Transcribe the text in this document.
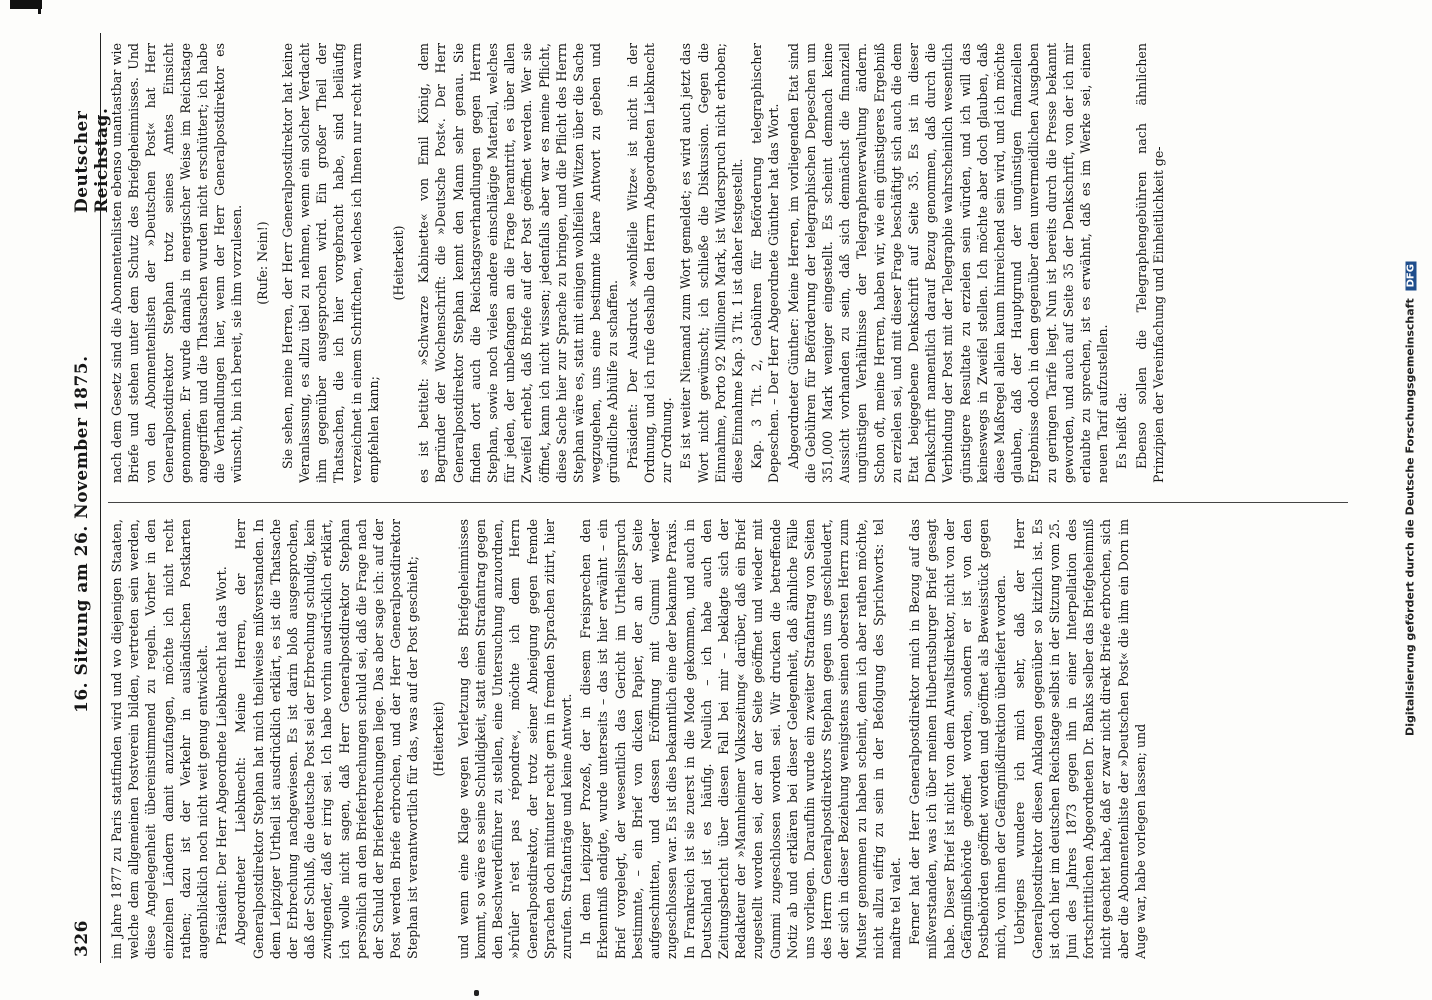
326
Deutscher Reichstag.
16. Sitzung am 26. November 1875. im Jahre 1877 zu Paris stattfinden wird und wo diejenigen Staaten, welche dem allgemeinen Postverein bilden, vertreten sein werden, diese Angelegenheit übereinstimmend zu regeln. Vorher in den einzelnen Ländern damit anzufangen, möchte ich nicht recht rathen; dazu ist der Verkehr in ausländischen Postkarten augenblicklich noch nicht weit genug entwickelt. Präsident: Der Herr Abgeordnete Liebknecht hat das Wort. Abgeordneter Liebknecht: Meine Herren, der Herr Generalpostdirektor Stephan hat mich theilweise mißverstanden. In dem Leipziger Urtheil ist ausdrücklich erklärt, es ist die Thatsache der Erbrechung nachgewiesen. Es ist darin bloß ausgesprochen, daß der Schluß, die deutsche Post sei der Erbrechung schuldig, kein zwingender, daß er irrig sei. Ich habe vorhin ausdrücklich erklärt, ich wolle nicht sagen, daß Herr Generalpostdirektor Stephan persönlich an den Brieferbrechungen schuld sei, daß die Frage nach der Schuld der Brieferbrechungen liege. Das aber sage ich: auf der Post werden Briefe erbrochen, und der Herr Generalpostdirektor Stephan ist verantwortlich für das, was auf der Post geschieht; (Heiterkeit) und wenn eine Klage wegen Verletzung des Briefgeheimnisses kommt, so wäre es seine Schuldigkeit, statt einen Strafantrag gegen den Beschwerdeführer zu stellen, eine Untersuchung anzuordnen, »brûler n'est pas répondre«, möchte ich dem Herrn Generalpostdirektor, der trotz seiner Abneigung gegen fremde Sprachen doch mitunter recht gern in fremden Sprachen zitirt, hier zurufen. Strafanträge und keine Antwort. In dem Leipziger Prozeß, der in diesem Freisprechen den Erkenntniß endigte, wurde unterseits – das ist hier erwähnt – ein Brief vorgelegt, der wesentlich das Gericht im Urtheilsspruch bestimmte, – ein Brief von dicken Papier, der an der Seite aufgeschnitten, und dessen Eröffnung mit Gummi wieder zugeschlossen war. Es ist dies bekanntlich eine der bekannte Praxis. In Frankreich ist sie zuerst in die Mode gekommen, und auch in Deutschland ist es häufig. Neulich – ich habe auch den Zeitungsbericht über diesen Fall bei mir – beklagte sich der Redakteur der »Mannheimer Volkszeitung« darüber, daß ein Brief zugestellt worden sei, der an der Seite geöffnet und wieder mit Gummi zugeschlossen worden sei. Wir drucken die betreffende Notiz ab und erklären bei dieser Gelegenheit, daß ähnliche Fälle uns vorliegen. Daraufhin wurde ein zweiter Strafantrag von Seiten des Herrn Generalpostdirektors Stephan gegen uns geschleudert, der sich in dieser Beziehung wenigstens seinen obersten Herrn zum Muster genommen zu haben scheint, denn ich aber rathen möchte, nicht allzu eifrig zu sein in der Befolgung des Sprichworts: tel maître tel valet. Ferner hat der Herr Generalpostdirektor mich in Bezug auf das mißverstanden, was ich über meinen Hubertusburger Brief gesagt habe. Dieser Brief ist nicht von dem Anwaltsdirektor, nicht von der Gefängnißbehörde geöffnet worden, sondern er ist von den Postbehörden geöffnet worden und geöffnet als Beweisstück gegen mich, von ihnen der Gefängnißdirektion überliefert worden. Uebrigens wundere ich mich sehr, daß der Herr Generalpostdirektor diesen Anklagen gegenüber so kitzlich ist. Es ist doch hier im deutschen Reichstage selbst in der Sitzung vom 25. Juni des Jahres 1873 gegen ihn in einer Interpellation des fortschrittlichen Abgeordneten Dr. Banks selber das Briefgeheimniß nicht geachtet habe, daß er zwar nicht direkt Briefe erbrochen, sich aber die Abonnentenliste der »Deutschen Post« die ihm ein Dorn im Auge war, habe vorlegen lassen; und

nach dem Gesetz sind die Abonnentenlisten ebenso unantastbar wie Briefe und stehen unter dem Schutz des Briefgeheimnisses. Und von den Abonnentenlisten der »Deutschen Post« hat Herr Generalpostdirektor Stephan trotz seines Amtes Einsicht genommen. Er wurde damals in energischer Weise im Reichstage angegriffen und die Thatsachen wurden nicht erschüttert; ich habe die Verhandlungen hier, wenn der Herr Generalpostdirektor es wünscht, bin ich bereit, sie ihm vorzulesen. (Rufe: Nein!) Sie sehen, meine Herren, der Herr Generalpostdirektor hat keine Veranlassung, es allzu übel zu nehmen, wenn ein solcher Verdacht ihm gegenüber ausgesprochen wird. Ein großer Theil der Thatsachen, die ich hier vorgebracht habe, sind beiläufig verzeichnet in einem Schriftchen, welches ich Ihnen nur recht warm empfehlen kann;

(Heiterkeit) es ist betitelt: »Schwarze Kabinette« von Emil König, dem Begründer der Wochenschrift: die »Deutsche Post«. Der Herr Generalpostdirektor Stephan kennt den Mann sehr genau. Sie finden dort auch die Reichstagsverhandlungen gegen Herrn Stephan, sowie noch vieles andere einschlägige Material, welches für jeden, der unbefangen an die Frage herantritt, es über allen Zweifel erhebt, daß Briefe auf der Post geöffnet werden. Wer sie öffnet, kann ich nicht wissen; jedenfalls aber war es meine Pflicht, diese Sache hier zur Sprache zu bringen, und die Pflicht des Herrn Stephan wäre es, statt mit einigen wohlfeilen Witzen über die Sache wegzugehen, uns eine bestimmte klare Antwort zu geben und gründliche Abhülfe zu schaffen. Präsident: Der Ausdruck »wohlfeile Witze« ist nicht in der Ordnung, und ich rufe deshalb den Herrn Abgeordneten Liebknecht zur Ordnung. Es ist weiter Niemand zum Wort gemeldet; es wird auch jetzt das Wort nicht gewünscht; ich schließe die Diskussion. Gegen die Einnahme, Porto 92 Millionen Mark, ist Widerspruch nicht erhoben; diese Einnahme Kap. 3 Tit. 1 ist daher festgestellt. Kap. 3 Tit. 2, Gebühren für Beförderung telegraphischer Depeschen. – Der Herr Abgeordnete Günther hat das Wort. Abgeordneter Günther: Meine Herren, im vorliegenden Etat sind die Gebühren für Beförderung der telegraphischen Depeschen um 351,000 Mark weniger eingestellt. Es scheint demnach keine Aussicht vorhanden zu sein, daß sich demnächst die finanziell ungünstigen Verhältnisse der Telegraphenverwaltung ändern. Schon oft, meine Herren, haben wir, wie ein günstigeres Ergebniß zu erzielen sei, und mit dieser Frage beschäftigt sich auch die dem Etat beigegebene Denkschrift auf Seite 35. Es ist in dieser Denkschrift namentlich darauf Bezug genommen, daß durch die Verbindung der Post mit der Telegraphie wahrscheinlich wesentlich günstigere Resultate zu erzielen sein würden, und ich will das keineswegs in Zweifel stellen. Ich möchte aber doch glauben, daß diese Maßregel allein kaum hinreichend sein wird, und ich möchte glauben, daß der Hauptgrund der ungünstigen finanziellen Ergebnisse doch in dem gegenüber dem unvermeidlichen Ausgaben zu geringen Tarife liegt. Nun ist bereits durch die Presse bekannt geworden, und auch auf Seite 35 der Denkschrift, von der ich mir erlaubte zu sprechen, ist es erwähnt, daß es im Werke sei, einen neuen Tarif aufzustellen. Es heißt da: Ebenso sollen die Telegraphengebühren nach ähnlichen Prinzipien der Vereinfachung und Einheitlichkeit ge-	Digitalisierung gefördert durch die Deutsche Forschungsgemeinschaft DFG
